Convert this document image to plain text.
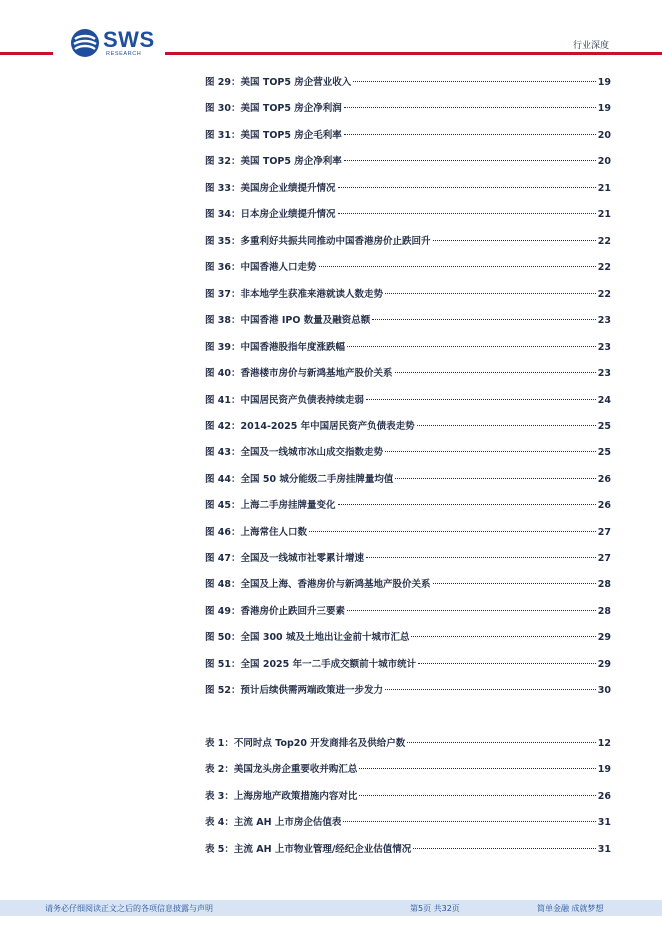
SWS
RESEARCH
行业深度
图 29：美国 TOP5 房企营业收入	19
图 30：美国 TOP5 房企净利润	19
图 31：美国 TOP5 房企毛利率	20
图 32：美国 TOP5 房企净利率	20
图 33：美国房企业绩提升情况	21
图 34：日本房企业绩提升情况	21
图 35：多重利好共振共同推动中国香港房价止跌回升	22
图 36：中国香港人口走势	22
图 37：非本地学生获准来港就读人数走势	22
图 38：中国香港 IPO 数量及融资总额	23
图 39：中国香港股指年度涨跌幅	23
图 40：香港楼市房价与新鸿基地产股价关系	23
图 41：中国居民资产负债表持续走弱	24
图 42：2014-2025 年中国居民资产负债表走势	25
图 43：全国及一线城市冰山成交指数走势	25
图 44：全国 50 城分能级二手房挂牌量均值	26
图 45：上海二手房挂牌量变化	26
图 46：上海常住人口数	27
图 47：全国及一线城市社零累计增速	27
图 48：全国及上海、香港房价与新鸿基地产股价关系	28
图 49：香港房价止跌回升三要素	28
图 50：全国 300 城及土地出让金前十城市汇总	29
图 51：全国 2025 年一二手成交额前十城市统计	29
图 52：预计后续供需两端政策进一步发力	30
表 1：不同时点 Top20 开发商排名及供给户数	12
表 2：美国龙头房企重要收并购汇总	19
表 3：上海房地产政策措施内容对比	26
表 4：主流 AH 上市房企估值表	31
表 5：主流 AH 上市物业管理/经纪企业估值情况	31
请务必仔细阅读正文之后的各项信息披露与声明	第5页 共32页	简单金融 成就梦想
